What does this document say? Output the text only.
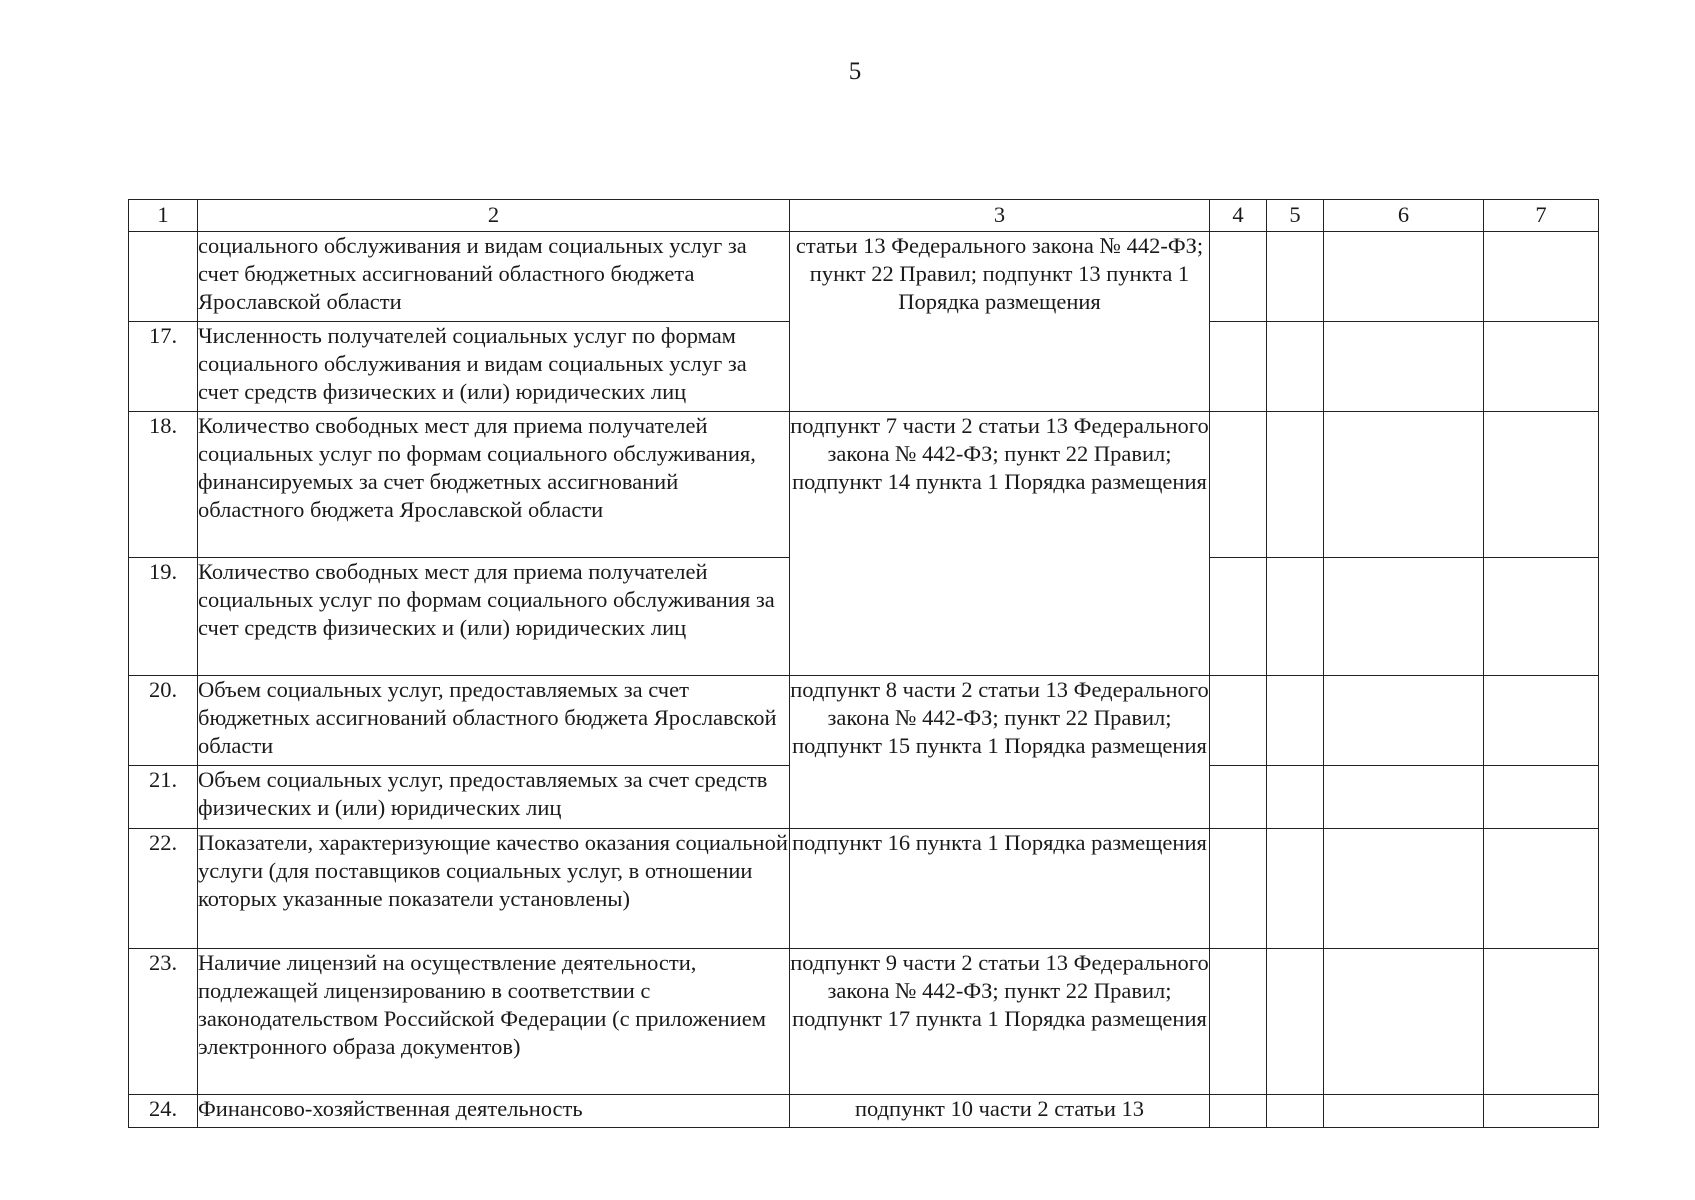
5
1	2	3	4	5	6	7
	социального обслуживания и видам социальных услуг за счет бюджетных ассигнований областного бюджета Ярославской области	статьи 13 Федерального закона № 442-ФЗ; пункт 22 Правил; подпункт 13 пункта 1 Порядка размещения				
17.	Численность получателей социальных услуг по формам социального обслуживания и видам социальных услуг за счет средств физических и (или) юридических лиц					
18.	Количество свободных мест для приема получателей социальных услуг по формам социального обслуживания, финансируемых за счет бюджетных ассигнований областного бюджета Ярославской области	подпункт 7 части 2 статьи 13 Федерального закона № 442-ФЗ; пункт 22 Правил; подпункт 14 пункта 1 Порядка размещения				
19.	Количество свободных мест для приема получателей социальных услуг по формам социального обслуживания за счет средств физических и (или) юридических лиц					
20.	Объем социальных услуг, предоставляемых за счет бюджетных ассигнований областного бюджета Ярославской области	подпункт 8 части 2 статьи 13 Федерального закона № 442-ФЗ; пункт 22 Правил; подпункт 15 пункта 1 Порядка размещения				
21.	Объем социальных услуг, предоставляемых за счет средств физических и (или) юридических лиц					
22.	Показатели, характеризующие качество оказания социальной услуги (для поставщиков социальных услуг, в отношении которых указанные показатели установлены)	подпункт 16 пункта 1 Порядка размещения				
23.	Наличие лицензий на осуществление деятельности, подлежащей лицензированию в соответствии с законодательством Российской Федерации (с приложением электронного образа документов)	подпункт 9 части 2 статьи 13 Федерального закона № 442-ФЗ; пункт 22 Правил; подпункт 17 пункта 1 Порядка размещения				
24.	Финансово-хозяйственная деятельность	подпункт 10 части 2 статьи 13				
